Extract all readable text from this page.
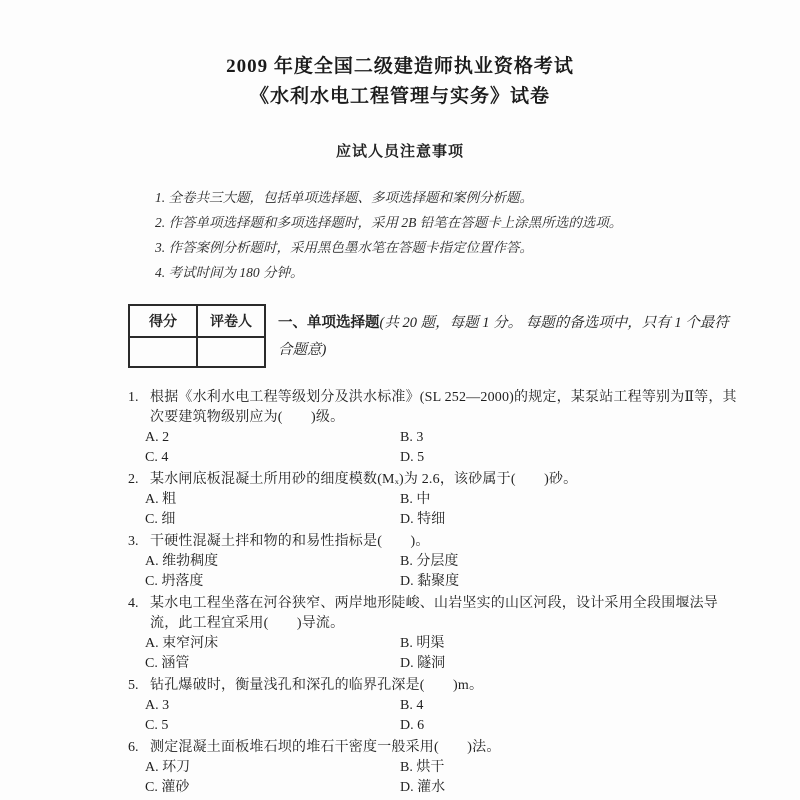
2009 年度全国二级建造师执业资格考试
《水利水电工程管理与实务》试卷
应试人员注意事项
1. 全卷共三大题，包括单项选择题、多项选择题和案例分析题。
2. 作答单项选择题和多项选择题时，采用 2B 铅笔在答题卡上涂黑所选的选项。
3. 作答案例分析题时，采用黑色墨水笔在答题卡指定位置作答。
4. 考试时间为 180 分钟。
得分	评卷人
	一、单项选择题(共 20 题，每题 1 分。 每题的备选项中，只有 1 个最符合题意)
1. 根据《水利水电工程等级划分及洪水标准》(SL 252—2000)的规定，某泵站工程等别为Ⅱ等，其次要建筑物级别应为(　　)级。
A. 2	B. 3
C. 4	D. 5
2. 某水闸底板混凝土所用砂的细度模数(Mₓ)为 2.6，该砂属于(　　)砂。
A. 粗	B. 中
C. 细	D. 特细
3. 干硬性混凝土拌和物的和易性指标是(　　)。
A. 维勃稠度	B. 分层度
C. 坍落度	D. 黏聚度
4. 某水电工程坐落在河谷狭窄、两岸地形陡峻、山岩坚实的山区河段，设计采用全段围堰法导流，此工程宜采用(　　)导流。
A. 束窄河床	B. 明渠
C. 涵管	D. 隧洞
5. 钻孔爆破时，衡量浅孔和深孔的临界孔深是(　　)m。
A. 3	B. 4
C. 5	D. 6
6. 测定混凝土面板堆石坝的堆石干密度一般采用(　　)法。
A. 环刀	B. 烘干
C. 灌砂	D. 灌水
